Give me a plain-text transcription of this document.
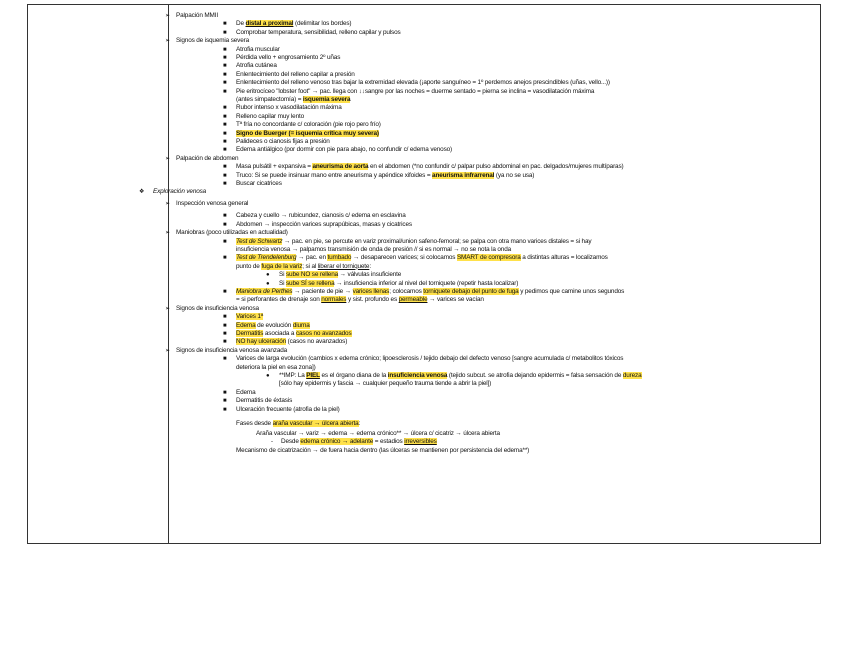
➢ Palpación MMII
■ De distal a proximal (delimitar los bordes)
■ Comprobar temperatura, sensibilidad, relleno capilar y pulsos
➢ Signos de isquemia severa
■ Atrofia muscular
■ Pérdida vello + engrosamiento 2º uñas
■ Atrofia cutánea
■ Enlentecimiento del relleno capilar a presión
■ Enlentecimiento del relleno venoso tras bajar la extremidad elevada (¡aporte sanguíneo = 1º perdemos anejos prescindibles (uñas, vello...))
■ Pie eritrocíceo "lobster foot" → pac. llega con ↓↓sangre por las noches = duerme sentado = pierna se inclina = vasodilatación máxima
(antes simpatectomía) = isquemia severa
■ Rubor intenso x vasodilatación máxima
■ Relleno capilar muy lento
■ Tª fría no concordante c/ coloración (pie rojo pero frío)
■ Signo de Buerger (= isquemia crítica muy severa)
■ Palideces o cianosis fijas a presión
■ Edema antiálgico (por dormir con pie para abajo, no confundir c/ edema venoso)
➢ Palpación de abdomen
■ Masa pulsátil + expansiva = aneurisma de aorta en el abdomen (*no confundir c/ palpar pulso abdominal en pac. delgados/mujeres multíparas)
■ Truco: Si se puede insinuar mano entre aneurisma y apéndice xifoides = aneurisma infrarrenal (ya no se usa)
■ Buscar cicatrices
❖ Exploración venosa
➢ Inspección venosa general
■ Cabeza y cuello → rubicundez, cianosis c/ edema en esclavina
■ Abdomen → inspección varices suprapúbicas, masas y cicatrices
➢ Maniobras (poco utilizadas en actualidad)
■ Test de Schwartz → pac. en pie, se percute en variz proximal/union safeno-femoral; se palpa con otra mano varices distales = si hay
insuficiencia venosa → palpamos transmisión de onda de presión // si es normal → no se nota la onda
■ Test de Trendelenburg → pac. en tumbado → desaparecen varices; si colocamos SMART de compresora a distintas alturas = localizamos
punto de fuga de la variz; si al liberar el torniquete:
● Si sube NO se rellena → válvulas insuficiente
● Si sube SÍ se rellena → insuficiencia inferior al nivel del torniquete (repetir hasta localizar)
■ Maniobra de Perthes → paciente de pie → varices llenas; colocamos torniquete debajo del punto de fuga y pedimos que camine unos segundos
= si perforantes de drenaje son normales y sist. profundo es permeable → varices se vacían
➢ Signos de insuficiencia venosa
■ Varices 1ª
■ Edema de evolución diurna
■ Dermatitis asociada a casos no avanzados
■ NO hay ulceración (casos no avanzados)
➢ Signos de insuficiencia venosa avanzada
■ Varices de larga evolución (cambios x edema crónico; lipoesclerosis / tejido debajo del defecto venoso [sangre acumulada c/ metabolitos tóxicos
deteriora la piel en esa zona])
● **IMP: La PIEL es el órgano diana de la insuficiencia venosa (tejido subcut. se atrofia dejando epidermis = falsa sensación de dureza
[sólo hay epidermis y fascia → cualquier pequeño trauma tiende a abrir la piel])
■ Edema
■ Dermatitis de éxtasis
■ Ulceración frecuente (atrofia de la piel)
Fases desde araña vascular → úlcera abierta:
Araña vascular → variz → edema → edema crónico** → úlcera c/ cicatriz → úlcera abierta
- Desde edema crónico → adelante = estadios irreversibles
Mecanismo de cicatrización → de fuera hacia dentro (las úlceras se mantienen por persistencia del edema**)
